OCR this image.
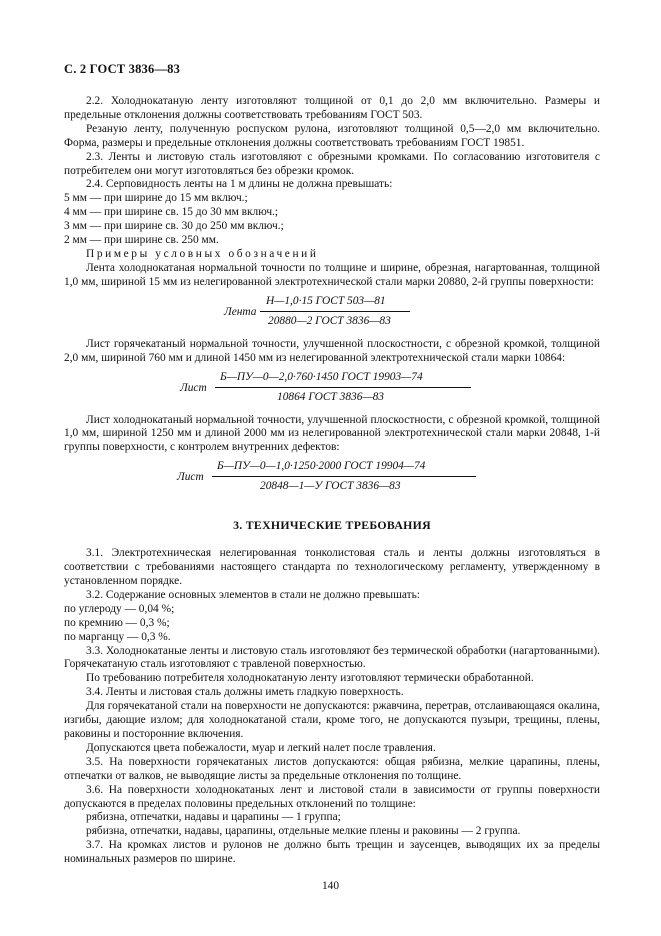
С. 2 ГОСТ 3836—83

2.2. Холоднокатаную ленту изготовляют толщиной от 0,1 до 2,0 мм включительно. Размеры и предельные отклонения должны соответствовать требованиям ГОСТ 503.

Резаную ленту, полученную роспуском рулона, изготовляют толщиной 0,5—2,0 мм включительно. Форма, размеры и предельные отклонения должны соответствовать требованиям ГОСТ 19851.

2.3. Ленты и листовую сталь изготовляют с обрезными кромками. По согласованию изготовителя с потребителем они могут изготовляться без обрезки кромок.

2.4. Серповидность ленты на 1 м длины не должна превышать:

5 мм — при ширине до 15 мм включ.;

4 мм — при ширине св. 15 до 30 мм включ.;

3 мм — при ширине св. 30 до 250 мм включ.;

2 мм — при ширине св. 250 мм.

Примеры условных обозначений

Лента холоднокатаная нормальной точности по толщине и ширине, обрезная, нагартованная, толщиной 1,0 мм, шириной 15 мм из нелегированной электротехнической стали марки 20880, 2-й группы поверхности:

Лента
Н—1,0·15 ГОСТ 503—81
20880—2 ГОСТ 3836—83

Лист горячекатаный нормальной точности, улучшенной плоскостности, с обрезной кромкой, толщиной 2,0 мм, шириной 760 мм и длиной 1450 мм из нелегированной электротехнической стали марки 10864:

Лист
Б—ПУ—0—2,0·760·1450 ГОСТ 19903—74
10864 ГОСТ 3836—83

Лист холоднокатаный нормальной точности, улучшенной плоскостности, с обрезной кромкой, толщиной 1,0 мм, шириной 1250 мм и длиной 2000 мм из нелегированной электротехнической стали марки 20848, 1-й группы поверхности, с контролем внутренних дефектов:

Лист
Б—ПУ—0—1,0·1250·2000 ГОСТ 19904—74
20848—1—У ГОСТ 3836—83
3. ТЕХНИЧЕСКИЕ ТРЕБОВАНИЯ

3.1. Электротехническая нелегированная тонколистовая сталь и ленты должны изготовляться в соответствии с требованиями настоящего стандарта по технологическому регламенту, утвержденному в установленном порядке.

3.2. Содержание основных элементов в стали не должно превышать:

по углероду — 0,04 %;

по кремнию — 0,3 %;

по марганцу — 0,3 %.

3.3. Холоднокатаные ленты и листовую сталь изготовляют без термической обработки (нагартованными). Горячекатаную сталь изготовляют с травленой поверхностью.

По требованию потребителя холоднокатаную ленту изготовляют термически обработанной.

3.4. Ленты и листовая сталь должны иметь гладкую поверхность.

Для горячекатаной стали на поверхности не допускаются: ржавчина, перетрав, отслаивающаяся окалина, изгибы, дающие излом; для холоднокатаной стали, кроме того, не допускаются пузыри, трещины, плены, раковины и посторонние включения.

Допускаются цвета побежалости, муар и легкий налет после травления.

3.5. На поверхности горячекатаных листов допускаются: общая рябизна, мелкие царапины, плены, отпечатки от валков, не выводящие листы за предельные отклонения по толщине.

3.6. На поверхности холоднокатаных лент и листовой стали в зависимости от группы поверхности допускаются в пределах половины предельных отклонений по толщине:

рябизна, отпечатки, надавы и царапины — 1 группа;

рябизна, отпечатки, надавы, царапины, отдельные мелкие плены и раковины — 2 группа.

3.7. На кромках листов и рулонов не должно быть трещин и заусенцев, выводящих их за пределы номинальных размеров по ширине.

140
